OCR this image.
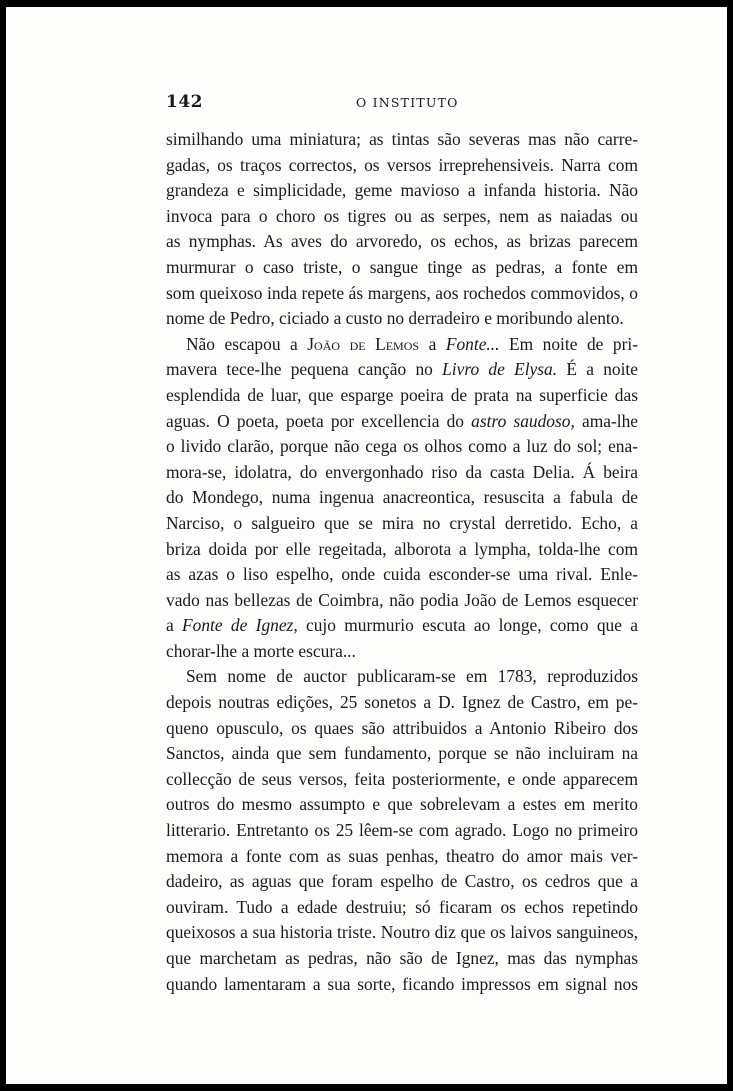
142	O INSTITUTO
similhando uma miniatura; as tintas são severas mas não carre-
gadas, os traços correctos, os versos irreprehensiveis. Narra com
grandeza e simplicidade, geme mavioso a infanda historia. Não
invoca para o choro os tigres ou as serpes, nem as naiadas ou
as nymphas. As aves do arvoredo, os echos, as brizas parecem
murmurar o caso triste, o sangue tinge as pedras, a fonte em
som queixoso inda repete ás margens, aos rochedos commovidos, o
nome de Pedro, ciciado a custo no derradeiro e moribundo alento.
Não escapou a João de Lemos a Fonte... Em noite de pri-
mavera tece-lhe pequena canção no Livro de Elysa. É a noite
esplendida de luar, que esparge poeira de prata na superficie das
aguas. O poeta, poeta por excellencia do astro saudoso, ama-lhe
o livido clarão, porque não cega os olhos como a luz do sol; ena-
mora-se, idolatra, do envergonhado riso da casta Delia. Á beira
do Mondego, numa ingenua anacreontica, resuscita a fabula de
Narciso, o salgueiro que se mira no crystal derretido. Echo, a
briza doida por elle regeitada, alborota a lympha, tolda-lhe com
as azas o liso espelho, onde cuida esconder-se uma rival. Enle-
vado nas bellezas de Coimbra, não podia João de Lemos esquecer
a Fonte de Ignez, cujo murmurio escuta ao longe, como que a
chorar-lhe a morte escura...
Sem nome de auctor publicaram-se em 1783, reproduzidos
depois noutras edições, 25 sonetos a D. Ignez de Castro, em pe-
queno opusculo, os quaes são attribuidos a Antonio Ribeiro dos
Sanctos, ainda que sem fundamento, porque se não incluiram na
collecção de seus versos, feita posteriormente, e onde apparecem
outros do mesmo assumpto e que sobrelevam a estes em merito
litterario. Entretanto os 25 lêem-se com agrado. Logo no primeiro
memora a fonte com as suas penhas, theatro do amor mais ver-
dadeiro, as aguas que foram espelho de Castro, os cedros que a
ouviram. Tudo a edade destruiu; só ficaram os echos repetindo
queixosos a sua historia triste. Noutro diz que os laivos sanguineos,
que marchetam as pedras, não são de Ignez, mas das nymphas
quando lamentaram a sua sorte, ficando impressos em signal nos
